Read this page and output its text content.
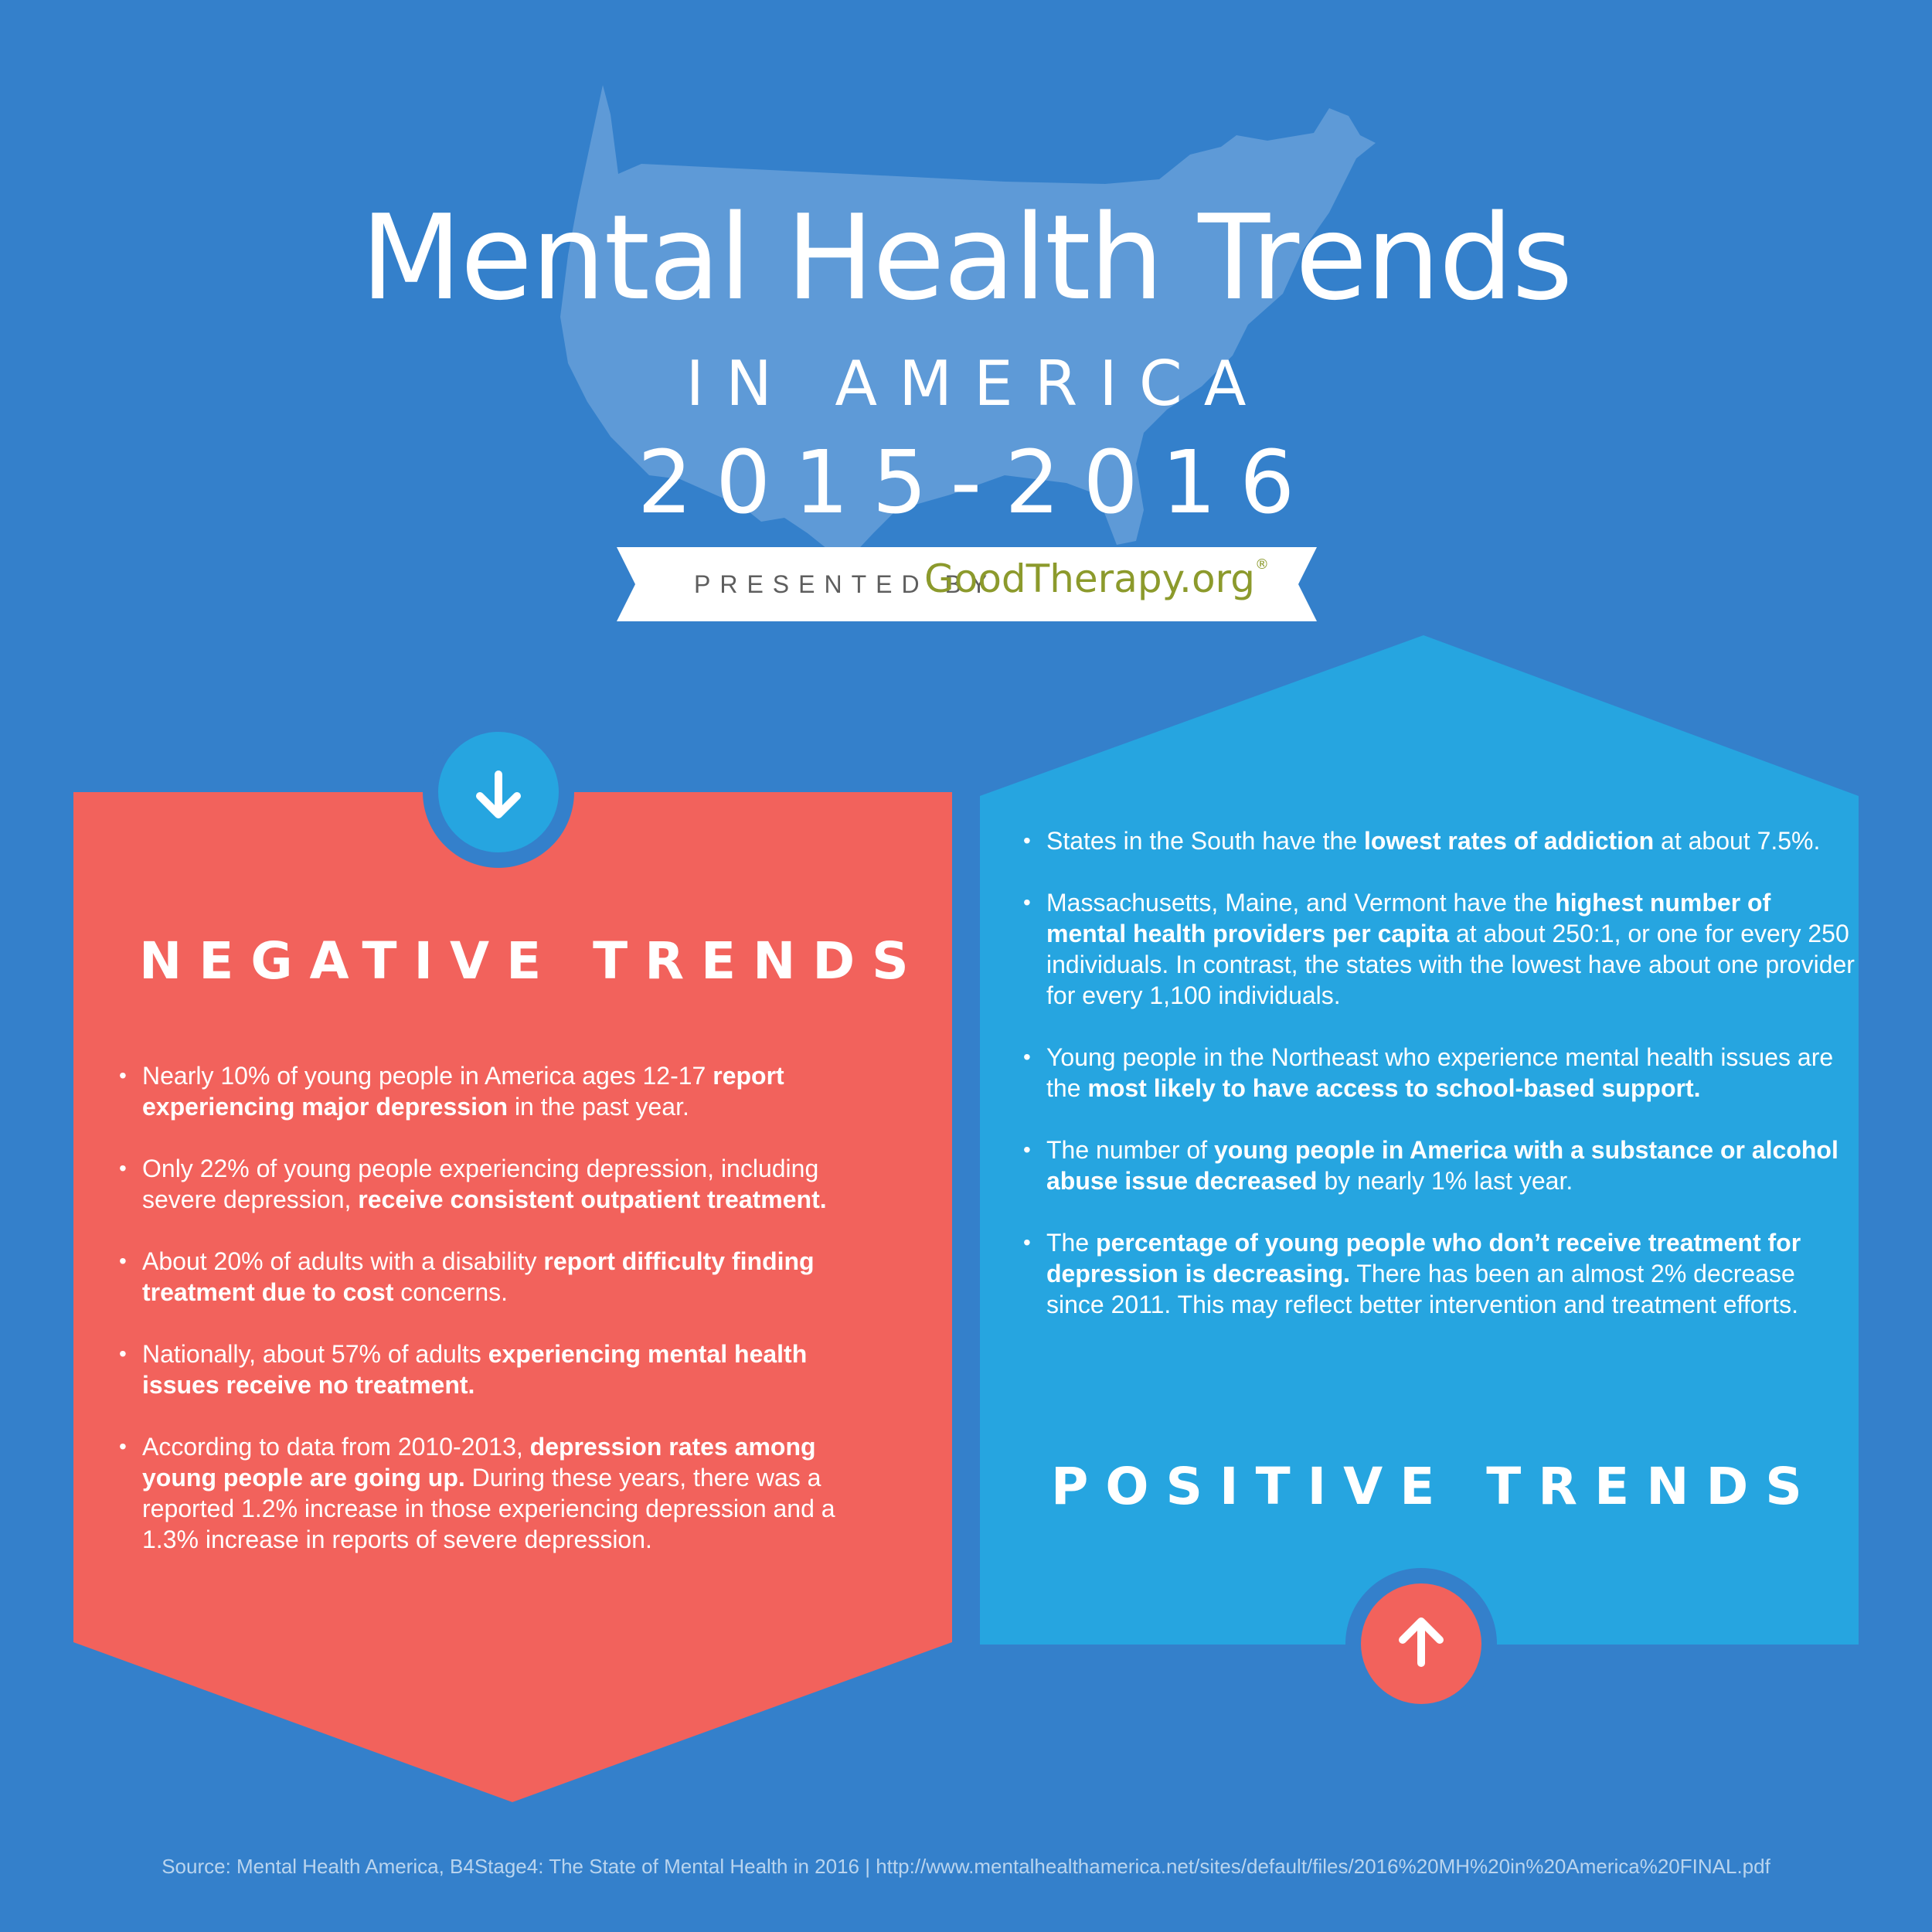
Mental Health Trends
IN AMERICA
2015-2016
PRESENTED BY
GoodTherapy.org®
NEGATIVE TRENDS
POSITIVE TRENDS
• Nearly 10% of young people in America ages 12-17 report experiencing major depression in the past year.
• Only 22% of young people experiencing depression, including severe depression, receive consistent outpatient treatment.
• About 20% of adults with a disability report difficulty finding treatment due to cost concerns.
• Nationally, about 57% of adults experiencing mental health issues receive no treatment.
• According to data from 2010-2013, depression rates among young people are going up. During these years, there was a reported 1.2% increase in those experiencing depression and a 1.3% increase in reports of severe depression.
• States in the South have the lowest rates of addiction at about 7.5%.
• Massachusetts, Maine, and Vermont have the highest number of mental health providers per capita at about 250:1, or one for every 250 individuals. In contrast, the states with the lowest have about one provider for every 1,100 individuals.
• Young people in the Northeast who experience mental health issues are the most likely to have access to school-based support.
• The number of young people in America with a substance or alcohol abuse issue decreased by nearly 1% last year.
• The percentage of young people who don’t receive treatment for depression is decreasing. There has been an almost 2% decrease since 2011. This may reflect better intervention and treatment efforts.
Source: Mental Health America, B4Stage4: The State of Mental Health in 2016 | http://www.mentalhealthamerica.net/sites/default/files/2016%20MH%20in%20America%20FINAL.pdf
